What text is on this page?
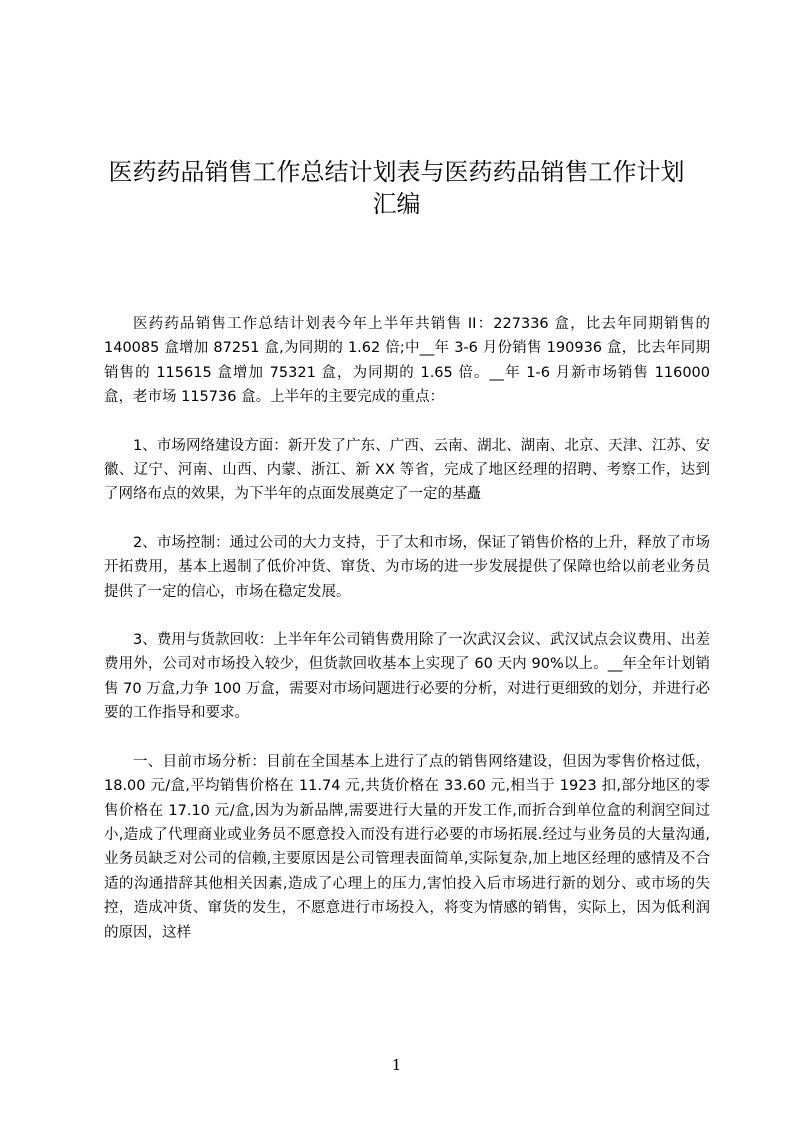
医药药品销售工作总结计划表与医药药品销售工作计划
汇编

医药药品销售工作总结计划表今年上半年共销售 II：227336 盒，比去年同期销售的 140085 盒增加 87251 盒,为同期的 1.62 倍;中__年 3-6 月份销售 190936 盒，比去年同期销售的 115615 盒增加 75321 盒，为同期的 1.65 倍。__年 1-6 月新市场销售 116000 盒，老市场 115736 盒。上半年的主要完成的重点：

1、市场网络建设方面：新开发了广东、广西、云南、湖北、湖南、北京、天津、江苏、安徽、辽宁、河南、山西、内蒙、浙江、新 XX 等省，完成了地区经理的招聘、考察工作，达到了网络布点的效果，为下半年的点面发展奠定了一定的基矗

2、市场控制：通过公司的大力支持，于了太和市场，保证了销售价格的上升，释放了市场开拓费用，基本上遏制了低价冲货、窜货、为市场的进一步发展提供了保障也给以前老业务员提供了一定的信心，市场在稳定发展。

3、费用与货款回收：上半年年公司销售费用除了一次武汉会议、武汉试点会议费用、出差费用外，公司对市场投入较少，但货款回收基本上实现了 60 天内 90%以上。__年全年计划销售 70 万盒,力争 100 万盒，需要对市场问题进行必要的分析，对进行更细致的划分，并进行必要的工作指导和要求。

一、目前市场分析：目前在全国基本上进行了点的销售网络建设，但因为零售价格过低，18.00 元/盒,平均销售价格在 11.74 元,共货价格在 33.60 元,相当于 1923 扣,部分地区的零售价格在 17.10 元/盒,因为为新品牌,需要进行大量的开发工作,而折合到单位盒的利润空间过小,造成了代理商业或业务员不愿意投入而没有进行必要的市场拓展.经过与业务员的大量沟通,业务员缺乏对公司的信赖,主要原因是公司管理表面简单,实际复杂,加上地区经理的感情及不合适的沟通措辞其他相关因素,造成了心理上的压力,害怕投入后市场进行新的划分、或市场的失控，造成冲货、窜货的发生，不愿意进行市场投入，将变为情感的销售，实际上，因为低利润的原因，这样

1
